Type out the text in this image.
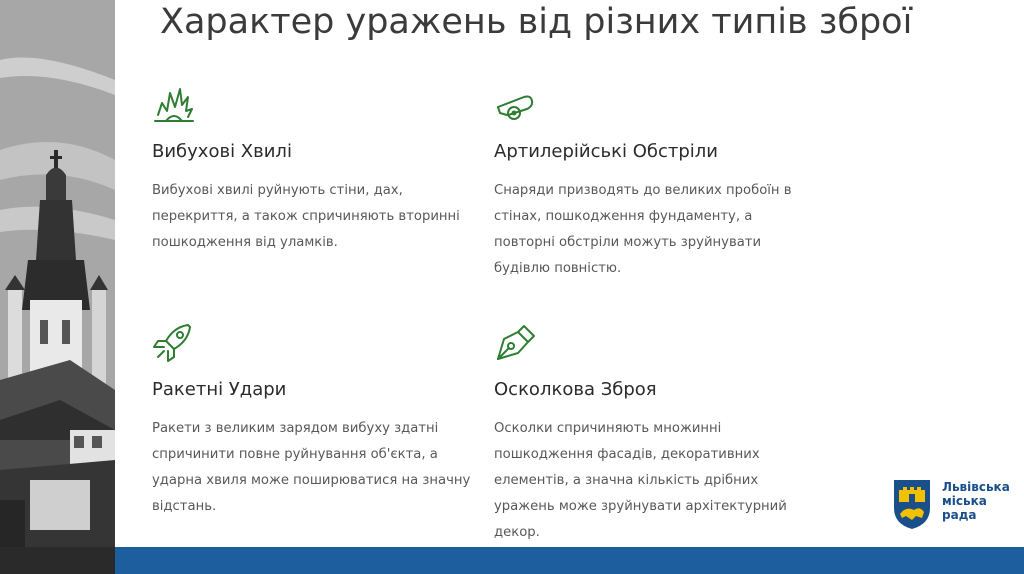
Характер уражень від різних типів зброї
Вибухові Хвилі

Вибухові хвилі руйнують стіни, дах, перекриття, а також спричиняють вторинні пошкодження від уламків.

Артилерійські Обстріли

Снаряди призводять до великих пробоїн в стінах, пошкодження фундаменту, а повторні обстріли можуть зруйнувати будівлю повністю.

Ракетні Удари

Ракети з великим зарядом вибуху здатні спричинити повне руйнування об'єкта, а ударна хвиля може поширюватися на значну відстань.

Осколкова Зброя

Осколки спричиняють множинні пошкодження фасадів, декоративних елементів, а значна кількість дрібних уражень може зруйнувати архітектурний декор.

Львівська
міська
рада
